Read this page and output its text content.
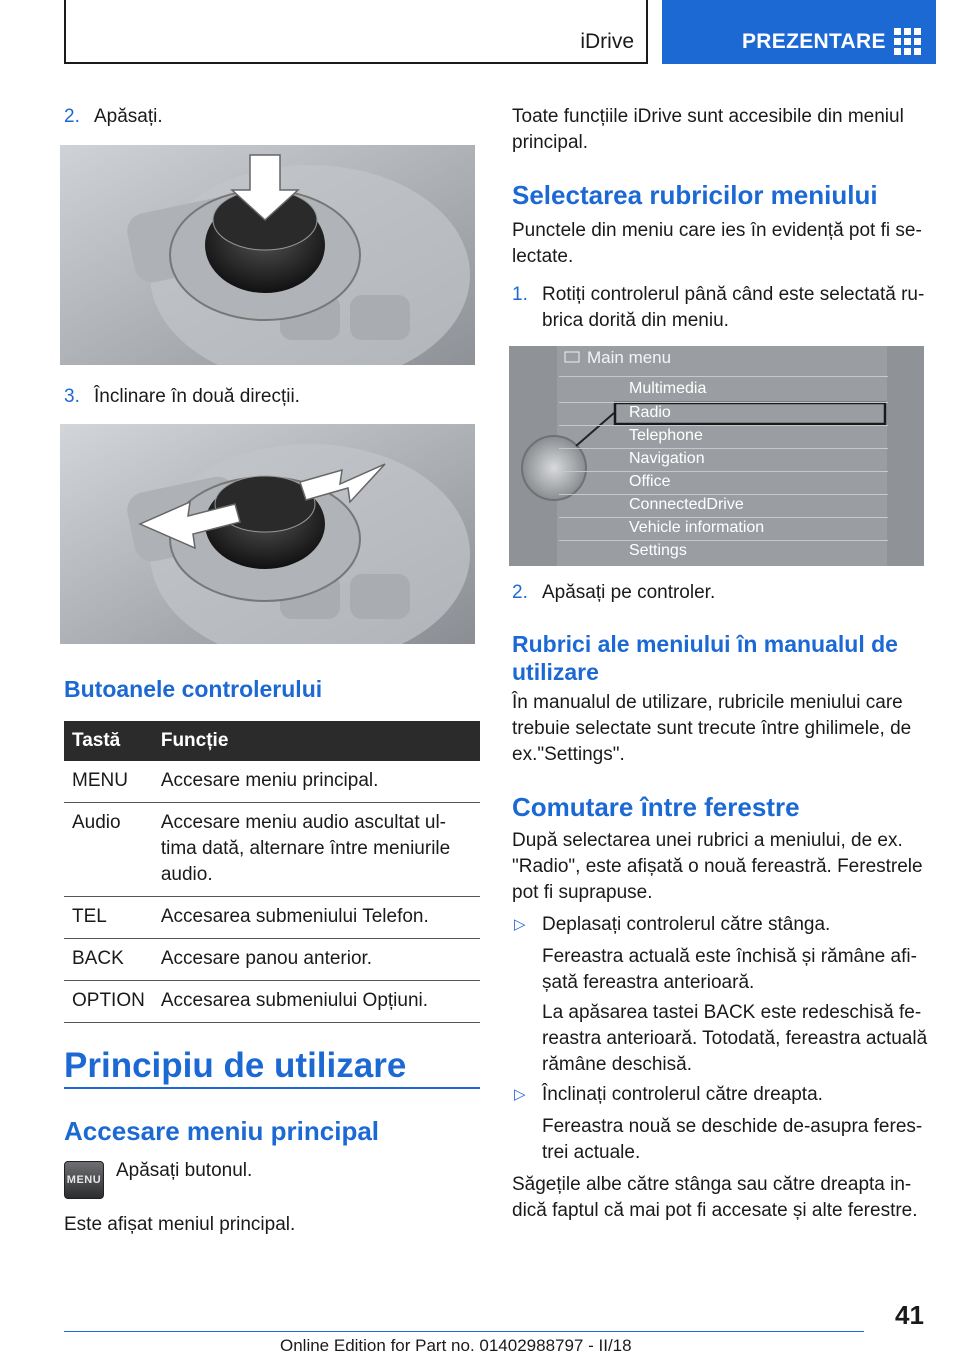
iDrive	PREZENTARE
2. Apăsați.
3. Înclinare în două direcții.
Butoanele controlerului
Tastă	Funcție
MENU	Accesare meniu principal.
Audio	Accesare meniu audio ascultat ul‐ tima dată, alternare între meniurile audio.
TEL	Accesarea submeniului Telefon.
BACK	Accesare panou anterior.
OPTION	Accesarea submeniului Opțiuni.
Principiu de utilizare
Accesare meniu principal
MENU Apăsați butonul.
Este afișat meniul principal.
Toate funcțiile iDrive sunt accesibile din meniul principal.
Selectarea rubricilor meniului
Punctele din meniu care ies în evidență pot fi se‐ lectate.
1. Rotiți controlerul până când este selectată ru‐ brica dorită din meniu.
Main menu
Multimedia
Radio
Telephone
Navigation
Office
ConnectedDrive
Vehicle information
Settings
2. Apăsați pe controler.
Rubrici ale meniului în manualul de utilizare
În manualul de utilizare, rubricile meniului care trebuie selectate sunt trecute între ghilimele, de ex."Settings".
Comutare între ferestre
După selectarea unei rubrici a meniului, de ex. "Radio", este afișată o nouă fereastră. Ferestrele pot fi suprapuse.
▷ Deplasați controlerul către stânga.
Fereastra actuală este închisă și rămâne afi‐ șată fereastra anterioară.
La apăsarea tastei BACK este redeschisă fe‐ reastra anterioară. Totodată, fereastra actuală rămâne deschisă.
▷ Înclinați controlerul către dreapta.
Fereastra nouă se deschide de-asupra feres‐ trei actuale.
Săgețile albe către stânga sau către dreapta in‐ dică faptul că mai pot fi accesate și alte ferestre.
41
Online Edition for Part no. 01402988797 - II/18
